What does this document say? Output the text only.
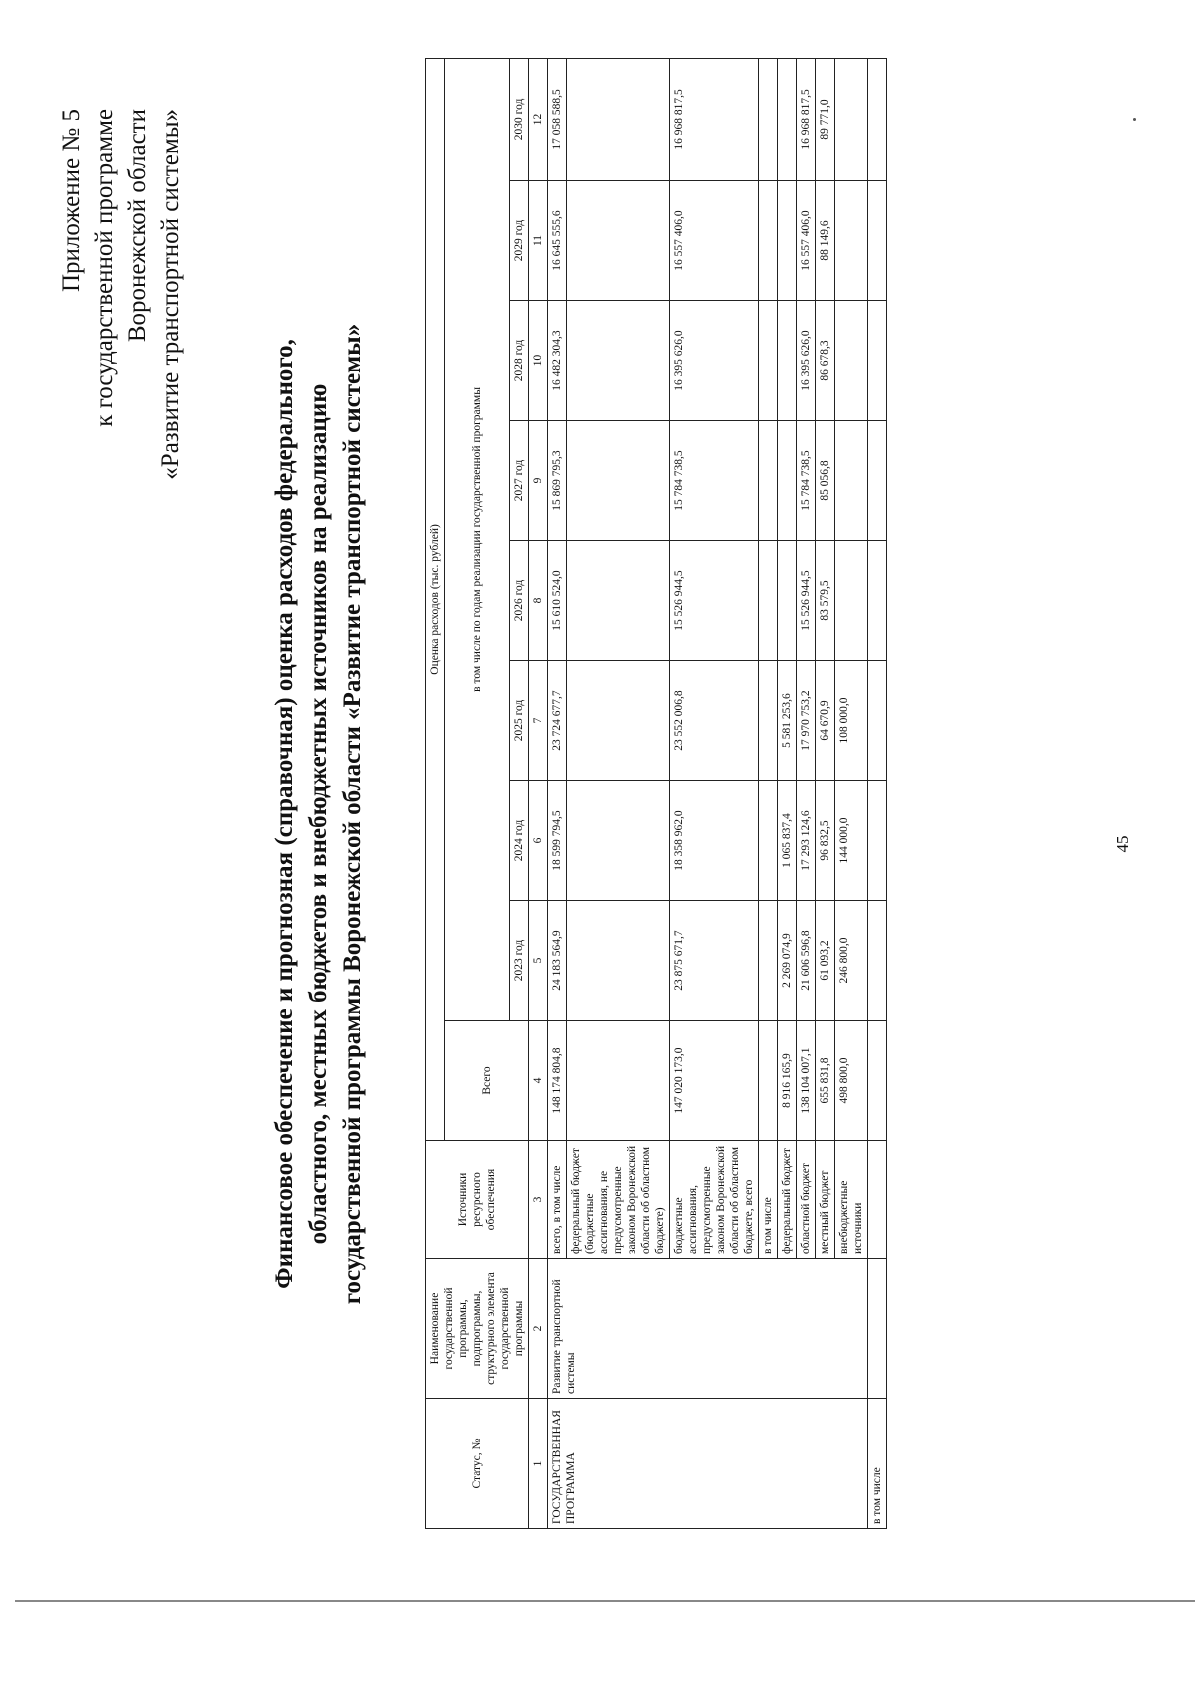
45
Приложение № 5 к государственной программе Воронежской области «Развитие транспортной системы»
Финансовое обеспечение и прогнозная (справочная) оценка расходов федерального, областного, местных бюджетов и внебюджетных источников на реализацию государственной программы Воронежской области «Развитие транспортной системы»
Статус, №	Наименование государственной программы, подпрограммы, структурного элемента государственной программы	Источники ресурсного обеспечения	Оценка расходов (тыс. рублей)								
			Всего	в том числе по годам реализации государственной программы							
				2023 год	2024 год	2025 год	2026 год	2027 год	2028 год	2029 год	2030 год
1	2	3	4	5	6	7	8	9	10	11	12
ГОСУДАРСТВЕННАЯ ПРОГРАММА	Развитие транспортной системы	всего, в том числе	148 174 804,8	24 183 564,9	18 599 794,5	23 724 677,7	15 610 524,0	15 869 795,3	16 482 304,3	16 645 555,6	17 058 588,5
		федеральный бюджет (бюджетные ассигнования, не предусмотренные законом Воронежской области об областном бюджете)									
		бюджетные ассигнования, предусмотренные законом Воронежской области об областном бюджете, всего	147 020 173,0	23 875 671,7	18 358 962,0	23 552 006,8	15 526 944,5	15 784 738,5	16 395 626,0	16 557 406,0	16 968 817,5
		в том числе									
		федеральный бюджет	8 916 165,9	2 269 074,9	1 065 837,4	5 581 253,6					
		областной бюджет	138 104 007,1	21 606 596,8	17 293 124,6	17 970 753,2	15 526 944,5	15 784 738,5	16 395 626,0	16 557 406,0	16 968 817,5
		местный бюджет	655 831,8	61 093,2	96 832,5	64 670,9	83 579,5	85 056,8	86 678,3	88 149,6	89 771,0
		внебюджетные источники	498 800,0	246 800,0	144 000,0	108 000,0					
в том числе											
